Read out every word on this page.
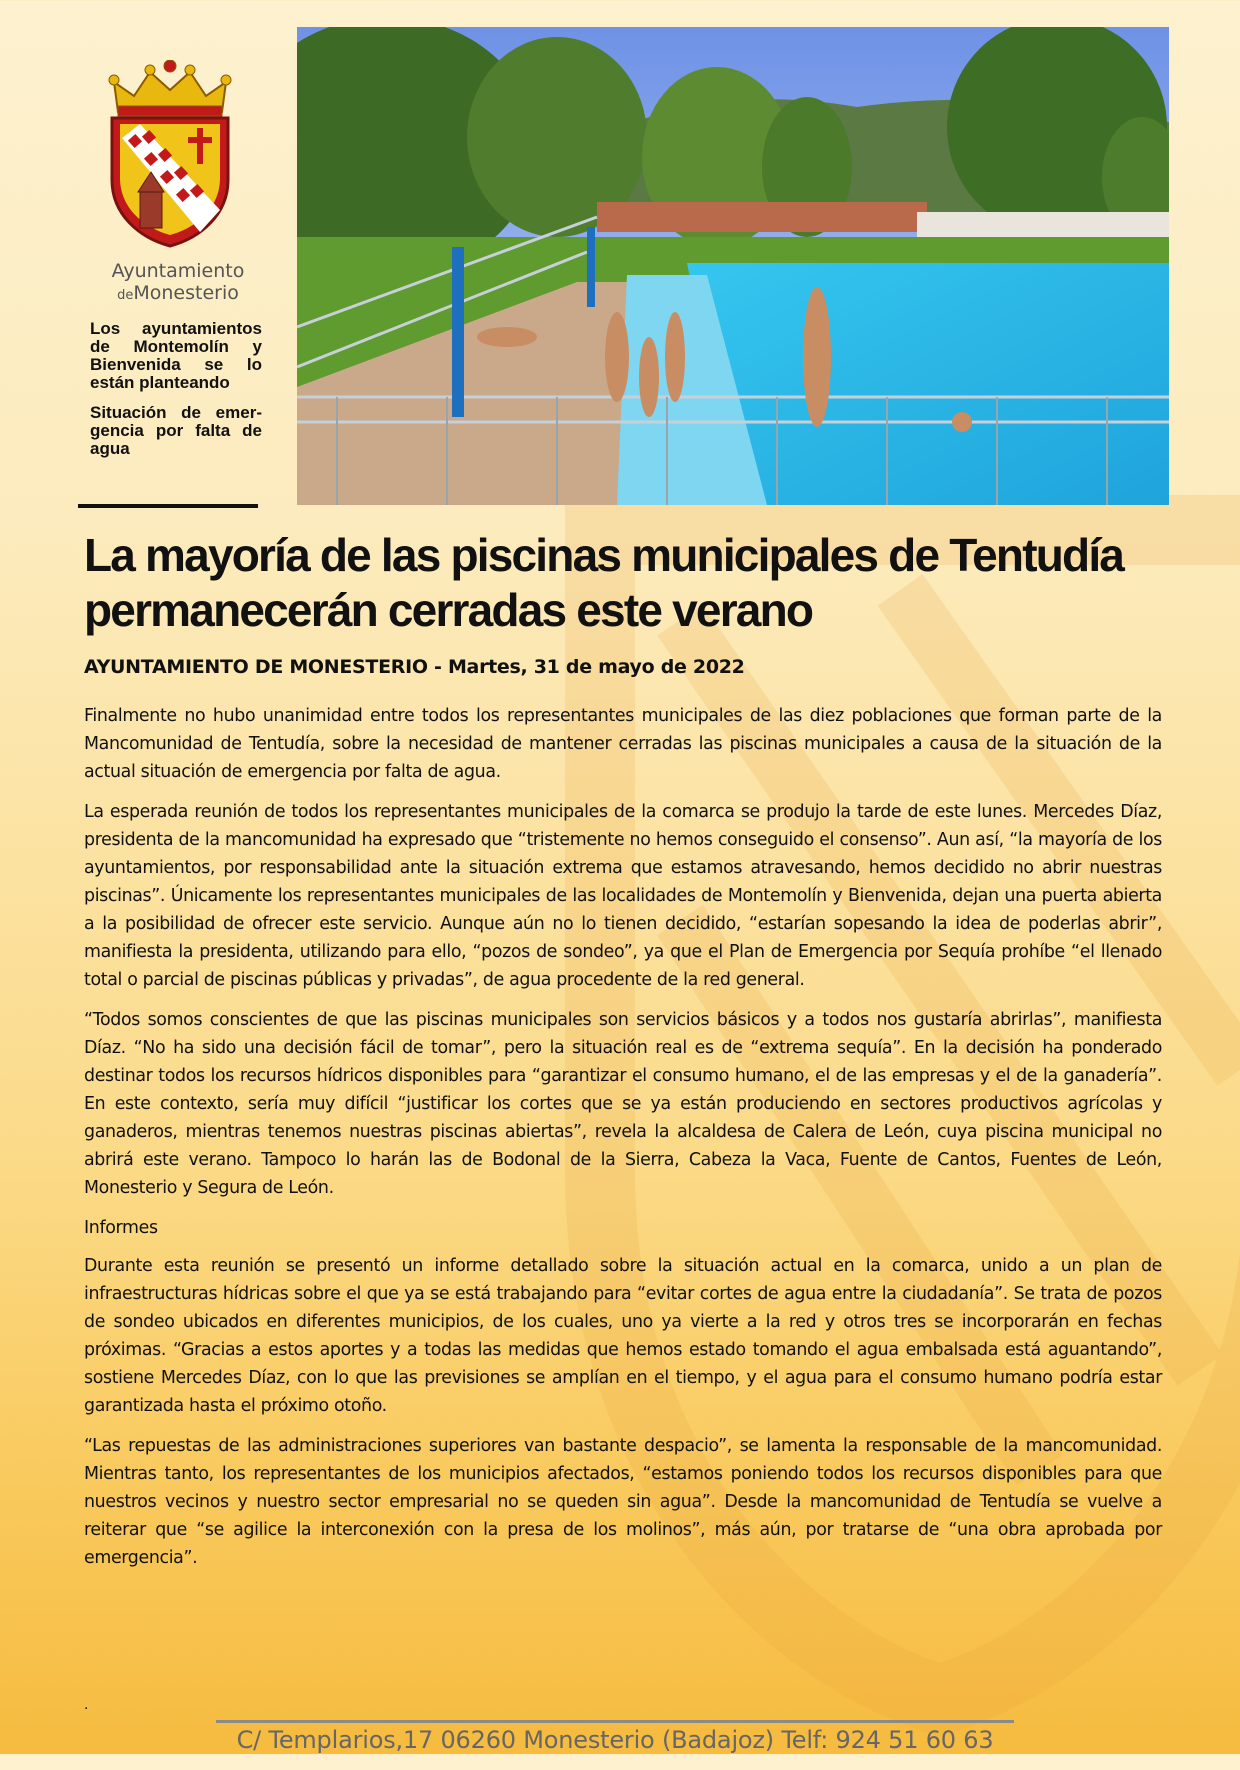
Ayuntamiento
deMonesterio

Los ayuntamientos de Montemolín y Bienvenida se lo están planteando

Situación de emergencia por falta de agua

La mayoría de las piscinas municipales de Tentudía permanecerán cerradas este verano
AYUNTAMIENTO DE MONESTERIO - Martes, 31 de mayo de 2022

Finalmente no hubo unanimidad entre todos los representantes municipales de las diez poblaciones que forman parte de la Mancomunidad de Tentudía, sobre la necesidad de mantener cerradas las piscinas municipales a causa de la situación de la actual situación de emergencia por falta de agua.

La esperada reunión de todos los representantes municipales de la comarca se produjo la tarde de este lunes. Mercedes Díaz, presidenta de la mancomunidad ha expresado que “tristemente no hemos conseguido el consenso”. Aun así, “la mayoría de los ayuntamientos, por responsabilidad ante la situación extrema que estamos atravesando, hemos decidido no abrir nuestras piscinas”. Únicamente los representantes municipales de las localidades de Montemolín y Bienvenida, dejan una puerta abierta a la posibilidad de ofrecer este servicio. Aunque aún no lo tienen decidido, “estarían sopesando la idea de poderlas abrir”, manifiesta la presidenta, utilizando para ello, “pozos de sondeo”, ya que el Plan de Emergencia por Sequía prohíbe “el llenado total o parcial de piscinas públicas y privadas”, de agua procedente de la red general.

“Todos somos conscientes de que las piscinas municipales son servicios básicos y a todos nos gustaría abrirlas”, manifiesta Díaz. “No ha sido una decisión fácil de tomar”, pero la situación real es de “extrema sequía”. En la decisión ha ponderado destinar todos los recursos hídricos disponibles para “garantizar el consumo humano, el de las empresas y el de la ganadería”. En este contexto, sería muy difícil “justificar los cortes que se ya están produciendo en sectores productivos agrícolas y ganaderos, mientras tenemos nuestras piscinas abiertas”, revela la alcaldesa de Calera de León, cuya piscina municipal no abrirá este verano. Tampoco lo harán las de Bodonal de la Sierra, Cabeza la Vaca, Fuente de Cantos, Fuentes de León, Monesterio y Segura de León.

Informes

Durante esta reunión se presentó un informe detallado sobre la situación actual en la comarca, unido a un plan de infraestructuras hídricas sobre el que ya se está trabajando para “evitar cortes de agua entre la ciudadanía”. Se trata de pozos de sondeo ubicados en diferentes municipios, de los cuales, uno ya vierte a la red y otros tres se incorporarán en fechas próximas. “Gracias a estos aportes y a todas las medidas que hemos estado tomando el agua embalsada está aguantando”, sostiene Mercedes Díaz, con lo que las previsiones se amplían en el tiempo, y el agua para el consumo humano podría estar garantizada hasta el próximo otoño.

“Las repuestas de las administraciones superiores van bastante despacio”, se lamenta la responsable de la mancomunidad. Mientras tanto, los representantes de los municipios afectados, “estamos poniendo todos los recursos disponibles para que nuestros vecinos y nuestro sector empresarial no se queden sin agua”. Desde la mancomunidad de Tentudía se vuelve a reiterar que “se agilice la interconexión con la presa de los molinos”, más aún, por tratarse de “una obra aprobada por emergencia”.

.
C/ Templarios,17 06260 Monesterio (Badajoz) Telf: 924 51 60 63
